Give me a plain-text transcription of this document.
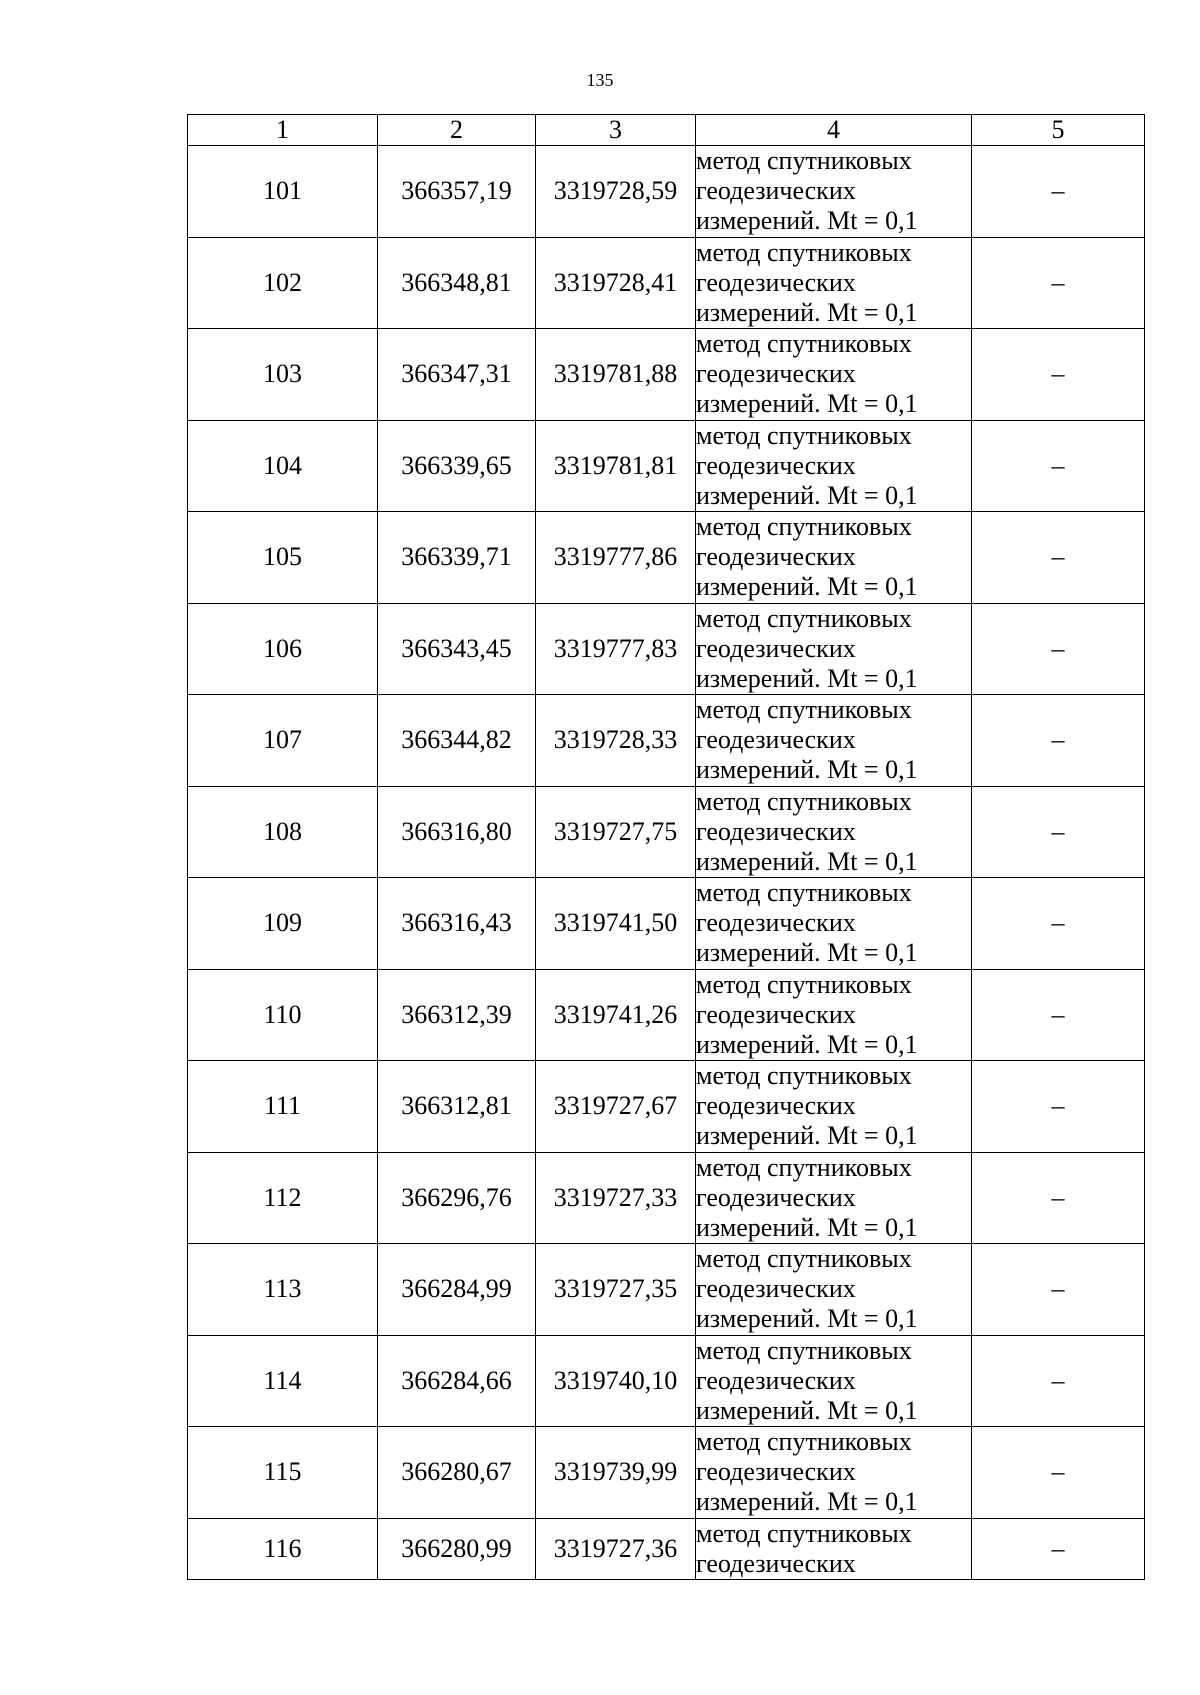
135
1	2	3	4	5
101	366357,19	3319728,59	метод спутниковых
геодезических
измерений. Mt = 0,1	–
102	366348,81	3319728,41	метод спутниковых
геодезических
измерений. Mt = 0,1	–
103	366347,31	3319781,88	метод спутниковых
геодезических
измерений. Mt = 0,1	–
104	366339,65	3319781,81	метод спутниковых
геодезических
измерений. Mt = 0,1	–
105	366339,71	3319777,86	метод спутниковых
геодезических
измерений. Mt = 0,1	–
106	366343,45	3319777,83	метод спутниковых
геодезических
измерений. Mt = 0,1	–
107	366344,82	3319728,33	метод спутниковых
геодезических
измерений. Mt = 0,1	–
108	366316,80	3319727,75	метод спутниковых
геодезических
измерений. Mt = 0,1	–
109	366316,43	3319741,50	метод спутниковых
геодезических
измерений. Mt = 0,1	–
110	366312,39	3319741,26	метод спутниковых
геодезических
измерений. Mt = 0,1	–
111	366312,81	3319727,67	метод спутниковых
геодезических
измерений. Mt = 0,1	–
112	366296,76	3319727,33	метод спутниковых
геодезических
измерений. Mt = 0,1	–
113	366284,99	3319727,35	метод спутниковых
геодезических
измерений. Mt = 0,1	–
114	366284,66	3319740,10	метод спутниковых
геодезических
измерений. Mt = 0,1	–
115	366280,67	3319739,99	метод спутниковых
геодезических
измерений. Mt = 0,1	–
116	366280,99	3319727,36	метод спутниковых
геодезических	–
